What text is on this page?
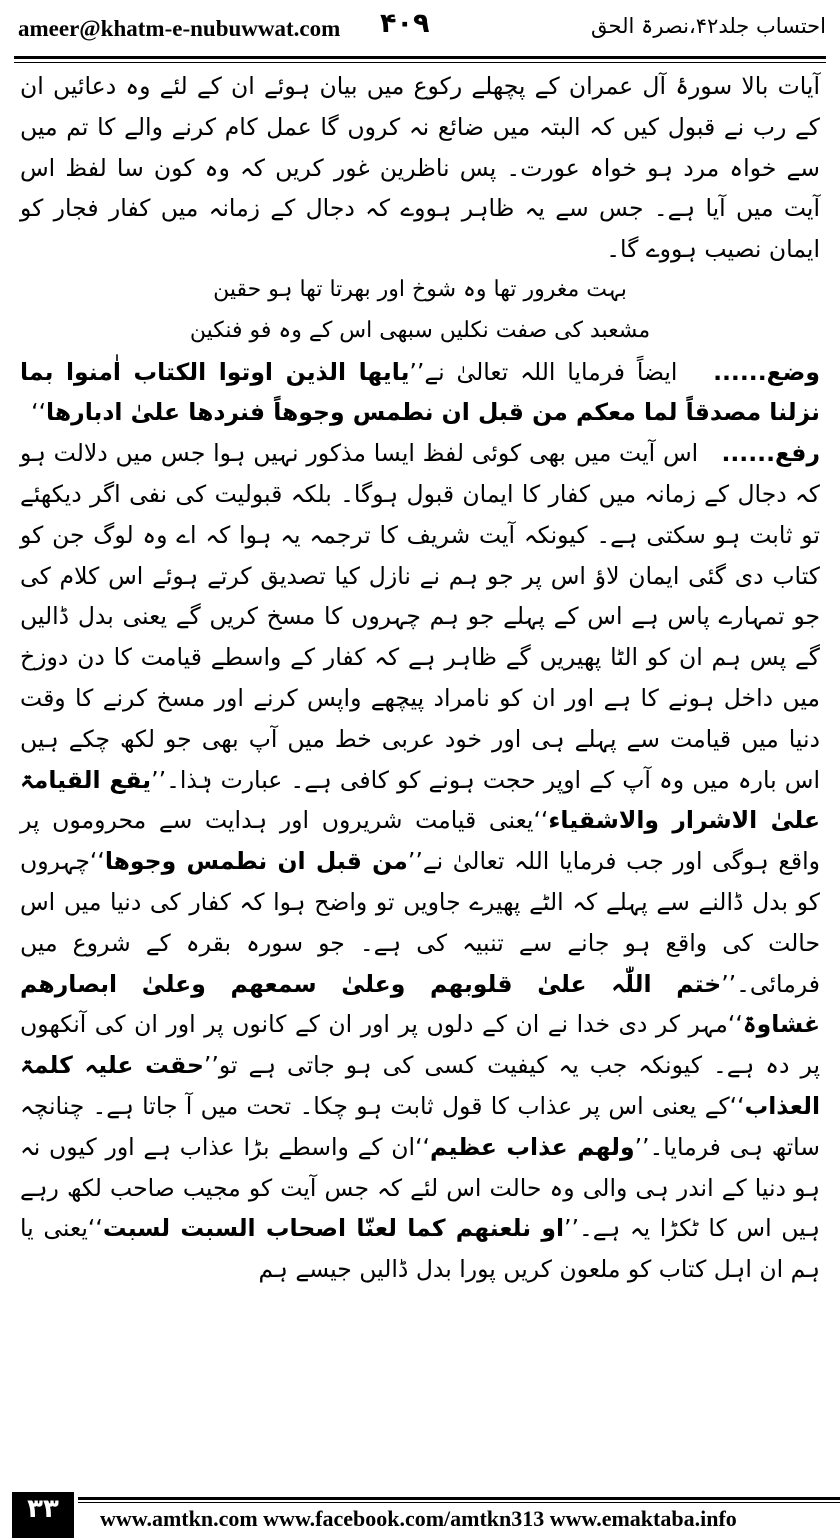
ameer@khatm-e-nubuwwat.com ۴۰۹	احتساب جلد۴۲،نصرۃ الحق

آیات بالا سورۂ آل عمران کے پچھلے رکوع میں بیان ہوئے ان کے لئے وہ دعائیں ان کے رب نے قبول کیں کہ البتہ میں ضائع نہ کروں گا عمل کام کرنے والے کا تم میں سے خواہ مرد ہو خواہ عورت۔ پس ناظرین غور کریں کہ وہ کون سا لفظ اس آیت میں آیا ہے۔ جس سے یہ ظاہر ہووے کہ دجال کے زمانہ میں کفار فجار کو ایمان نصیب ہووے گا۔

بہت مغرور تھا وہ شوخ اور بھرتا تھا ہو حقین

مشعبد کی صفت نکلیں سبھی اس کے وہ فو فنکین

وضع......   ایضاً فرمایا اللہ تعالیٰ نے’’یایھا الذین اوتوا الکتاب اٰمنوا بما نزلنا مصدقاً لما معکم من قبل ان نطمس وجوھاً فنردھا علیٰ ادبارھا‘‘

رفع......   اس آیت میں بھی کوئی لفظ ایسا مذکور نہیں ہوا جس میں دلالت ہو کہ دجال کے زمانہ میں کفار کا ایمان قبول ہوگا۔ بلکہ قبولیت کی نفی اگر دیکھئے تو ثابت ہو سکتی ہے۔ کیونکہ آیت شریف کا ترجمہ یہ ہوا کہ اے وہ لوگ جن کو کتاب دی گئی ایمان لاؤ اس پر جو ہم نے نازل کیا تصدیق کرتے ہوئے اس کلام کی جو تمہارے پاس ہے اس کے پہلے جو ہم چہروں کا مسخ کریں گے یعنی بدل ڈالیں گے پس ہم ان کو الٹا پھیریں گے ظاہر ہے کہ کفار کے واسطے قیامت کا دن دوزخ میں داخل ہونے کا ہے اور ان کو نامراد پیچھے واپس کرنے اور مسخ کرنے کا وقت دنیا میں قیامت سے پہلے ہی اور خود عربی خط میں آپ بھی جو لکھ چکے ہیں اس بارہ میں وہ آپ کے اوپر حجت ہونے کو کافی ہے۔ عبارت ہٰذا۔’’یقع القیامۃ علیٰ الاشرار والاشقیاء‘‘یعنی قیامت شریروں اور ہدایت سے محروموں پر واقع ہوگی اور جب فرمایا اللہ تعالیٰ نے’’من قبل ان نطمس وجوھا‘‘چہروں کو بدل ڈالنے سے پہلے کہ الٹے پھیرے جاویں تو واضح ہوا کہ کفار کی دنیا میں اس حالت کی واقع ہو جانے سے تنبیہ کی ہے۔ جو سورہ بقرہ کے شروع میں فرمائی۔’’ختم اللّٰہ علیٰ قلوبھم وعلیٰ سمعھم وعلیٰ ابصارھم غشاوۃ‘‘مہر کر دی خدا نے ان کے دلوں پر اور ان کے کانوں پر اور ان کی آنکھوں پر دہ ہے۔ کیونکہ جب یہ کیفیت کسی کی ہو جاتی ہے تو’’حقت علیہ کلمۃ العذاب‘‘کے یعنی اس پر عذاب کا قول ثابت ہو چکا۔ تحت میں آ جاتا ہے۔ چنانچہ ساتھ ہی فرمایا۔’’ولھم عذاب عظیم‘‘ان کے واسطے بڑا عذاب ہے اور کیوں نہ ہو دنیا کے اندر ہی والی وہ حالت اس لئے کہ جس آیت کو مجیب صاحب لکھ رہے ہیں اس کا ٹکڑا یہ ہے۔’’او نلعنھم کما لعنّا اصحاب السبت لسبت‘‘یعنی یا ہم ان اہل کتاب کو ملعون کریں پورا بدل ڈالیں جیسے ہم

۳۳	www.amtkn.com www.facebook.com/amtkn313 www.emaktaba.info
